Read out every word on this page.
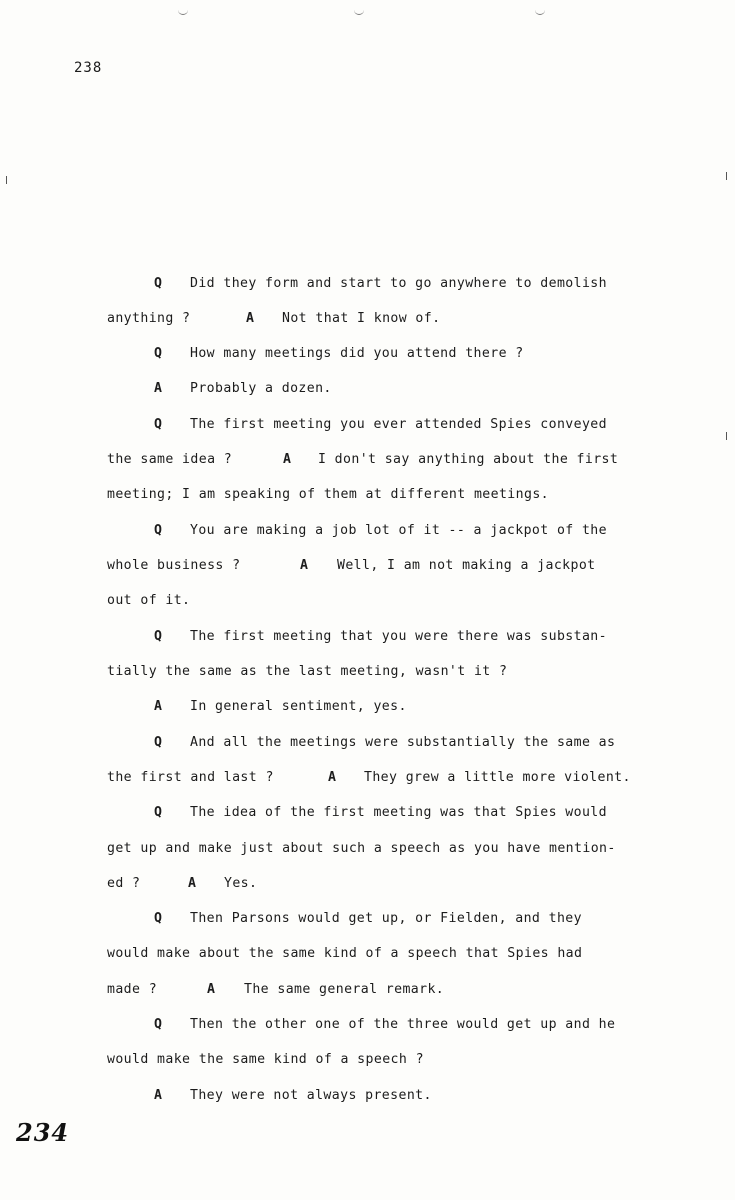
238
Q Did they form and start to go anywhere to demolish
anything ?	A Not that I know of.
Q How many meetings did you attend there ?
A Probably a dozen.
Q The first meeting you ever attended Spies conveyed
the same idea ?	A I don't say anything about the first
meeting; I am speaking of them at different meetings.
Q You are making a job lot of it -- a jackpot of the
whole business ?	A Well, I am not making a jackpot
out of it.
Q The first meeting that you were there was substan-
tially the same as the last meeting, wasn't it ?
A In general sentiment, yes.
Q And all the meetings were substantially the same as
the first and last ?	A They grew a little more violent.
Q The idea of the first meeting was that Spies would
get up and make just about such a speech as you have mention-
ed ?	A Yes.
Q Then Parsons would get up, or Fielden, and they
would make about the same kind of a speech that Spies had
made ?	A The same general remark.
Q Then the other one of the three would get up and he
would make the same kind of a speech ?
A They were not always present.
234
